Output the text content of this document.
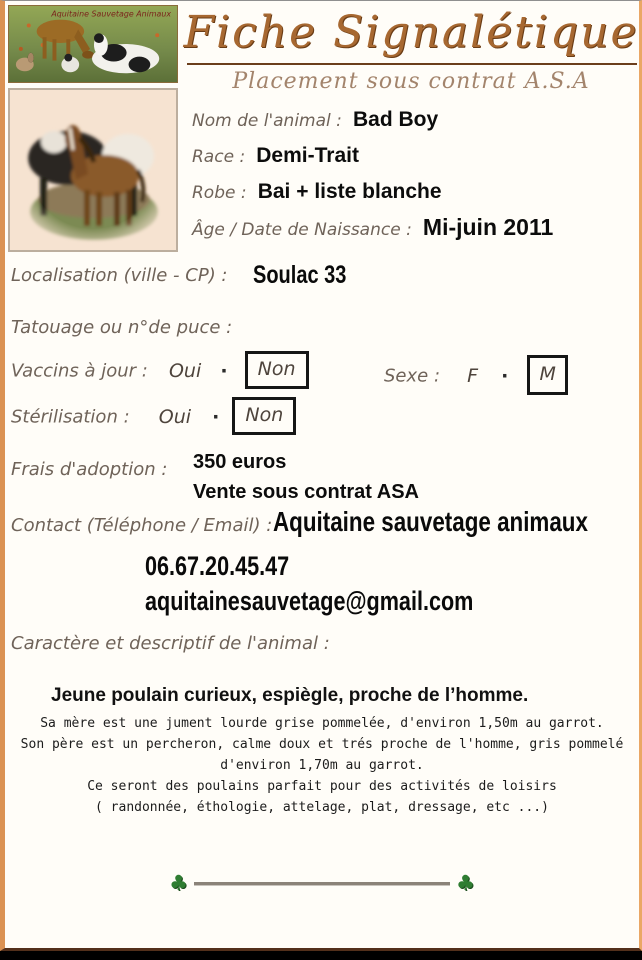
Aquitaine Sauvetage Animaux Fiche Signalétique
Placement sous contrat A.S.A
Nom de l'animal : Bad Boy
Race : Demi-Trait
Robe : Bai + liste blanche
Âge / Date de Naissance : Mi-juin 2011
Localisation (ville - CP) : Soulac 33
Tatouage ou n°de puce :
Vaccins à jour : Oui · Non	Sexe : F · M
Stérilisation : Oui · Non
Frais d'adoption : 350 euros
Vente sous contrat ASA
Contact (Téléphone / Email) : Aquitaine sauvetage animaux
06.67.20.45.47
aquitainesauvetage@gmail.com
Caractère et descriptif de l'animal :
Jeune poulain curieux, espiègle, proche de l’homme.
Sa mère est une jument lourde grise pommelée, d'environ 1,50m au garrot.
Son père est un percheron, calme doux et trés proche de l'homme, gris pommelé d'environ 1,70m au garrot.
Ce seront des poulains parfait pour des activités de loisirs
( randonnée, éthologie, attelage, plat, dressage, etc ...)
♣	♣
